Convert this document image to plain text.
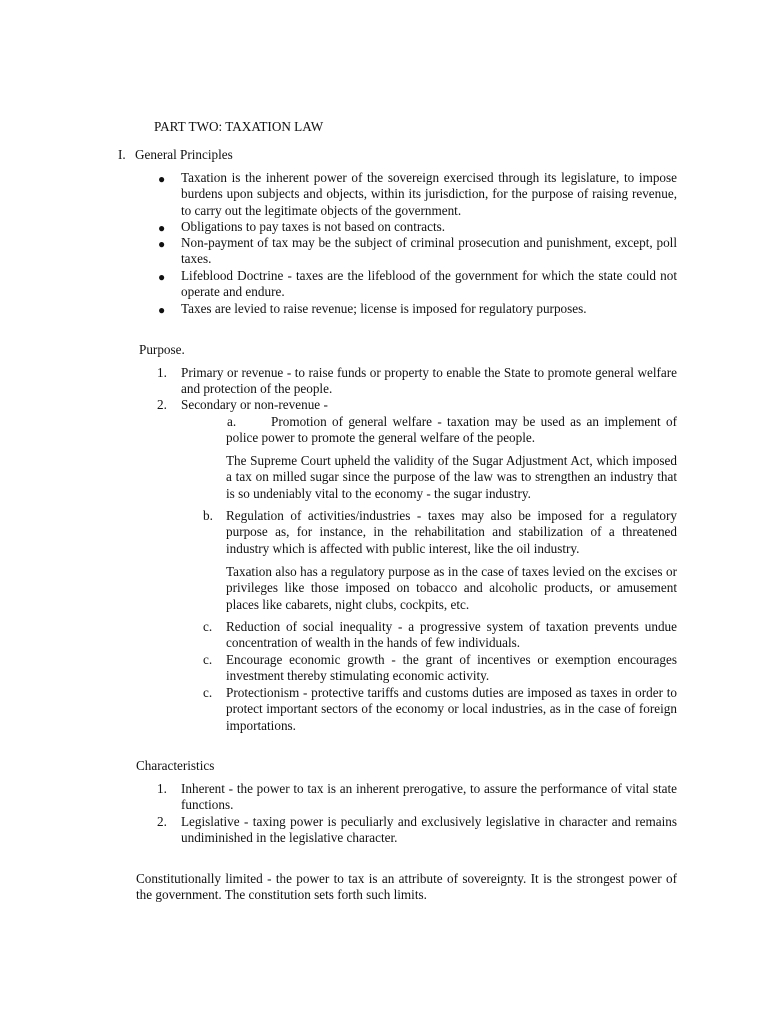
PART TWO: TAXATION LAW
I. General Principles
● Taxation is the inherent power of the sovereign exercised through its legislature, to impose burdens upon subjects and objects, within its jurisdiction, for the purpose of raising revenue, to carry out the legitimate objects of the government.
● Obligations to pay taxes is not based on contracts.
● Non-payment of tax may be the subject of criminal prosecution and punishment, except, poll taxes.
● Lifeblood Doctrine - taxes are the lifeblood of the government for which the state could not operate and endure.
● Taxes are levied to raise revenue; license is imposed for regulatory purposes.
Purpose.
1. Primary or revenue - to raise funds or property to enable the State to promote general welfare and protection of the people.
2. Secondary or non-revenue -
a.	Promotion of general welfare - taxation may be used as an implement of police power to promote the general welfare of the people.
The Supreme Court upheld the validity of the Sugar Adjustment Act, which imposed a tax on milled sugar since the purpose of the law was to strengthen an industry that is so undeniably vital to the economy - the sugar industry.
b. Regulation of activities/industries - taxes may also be imposed for a regulatory purpose as, for instance, in the rehabilitation and stabilization of a threatened industry which is affected with public interest, like the oil industry.
Taxation also has a regulatory purpose as in the case of taxes levied on the excises or privileges like those imposed on tobacco and alcoholic products, or amusement places like cabarets, night clubs, cockpits, etc.
c. Reduction of social inequality - a progressive system of taxation prevents undue concentration of wealth in the hands of few individuals.
c. Encourage economic growth - the grant of incentives or exemption encourages investment thereby stimulating economic activity.
c. Protectionism - protective tariffs and customs duties are imposed as taxes in order to protect important sectors of the economy or local industries, as in the case of foreign importations.
Characteristics
1. Inherent - the power to tax is an inherent prerogative, to assure the performance of vital state functions.
2. Legislative - taxing power is peculiarly and exclusively legislative in character and remains undiminished in the legislative character.
Constitutionally limited - the power to tax is an attribute of sovereignty. It is the strongest power of the government. The constitution sets forth such limits.
